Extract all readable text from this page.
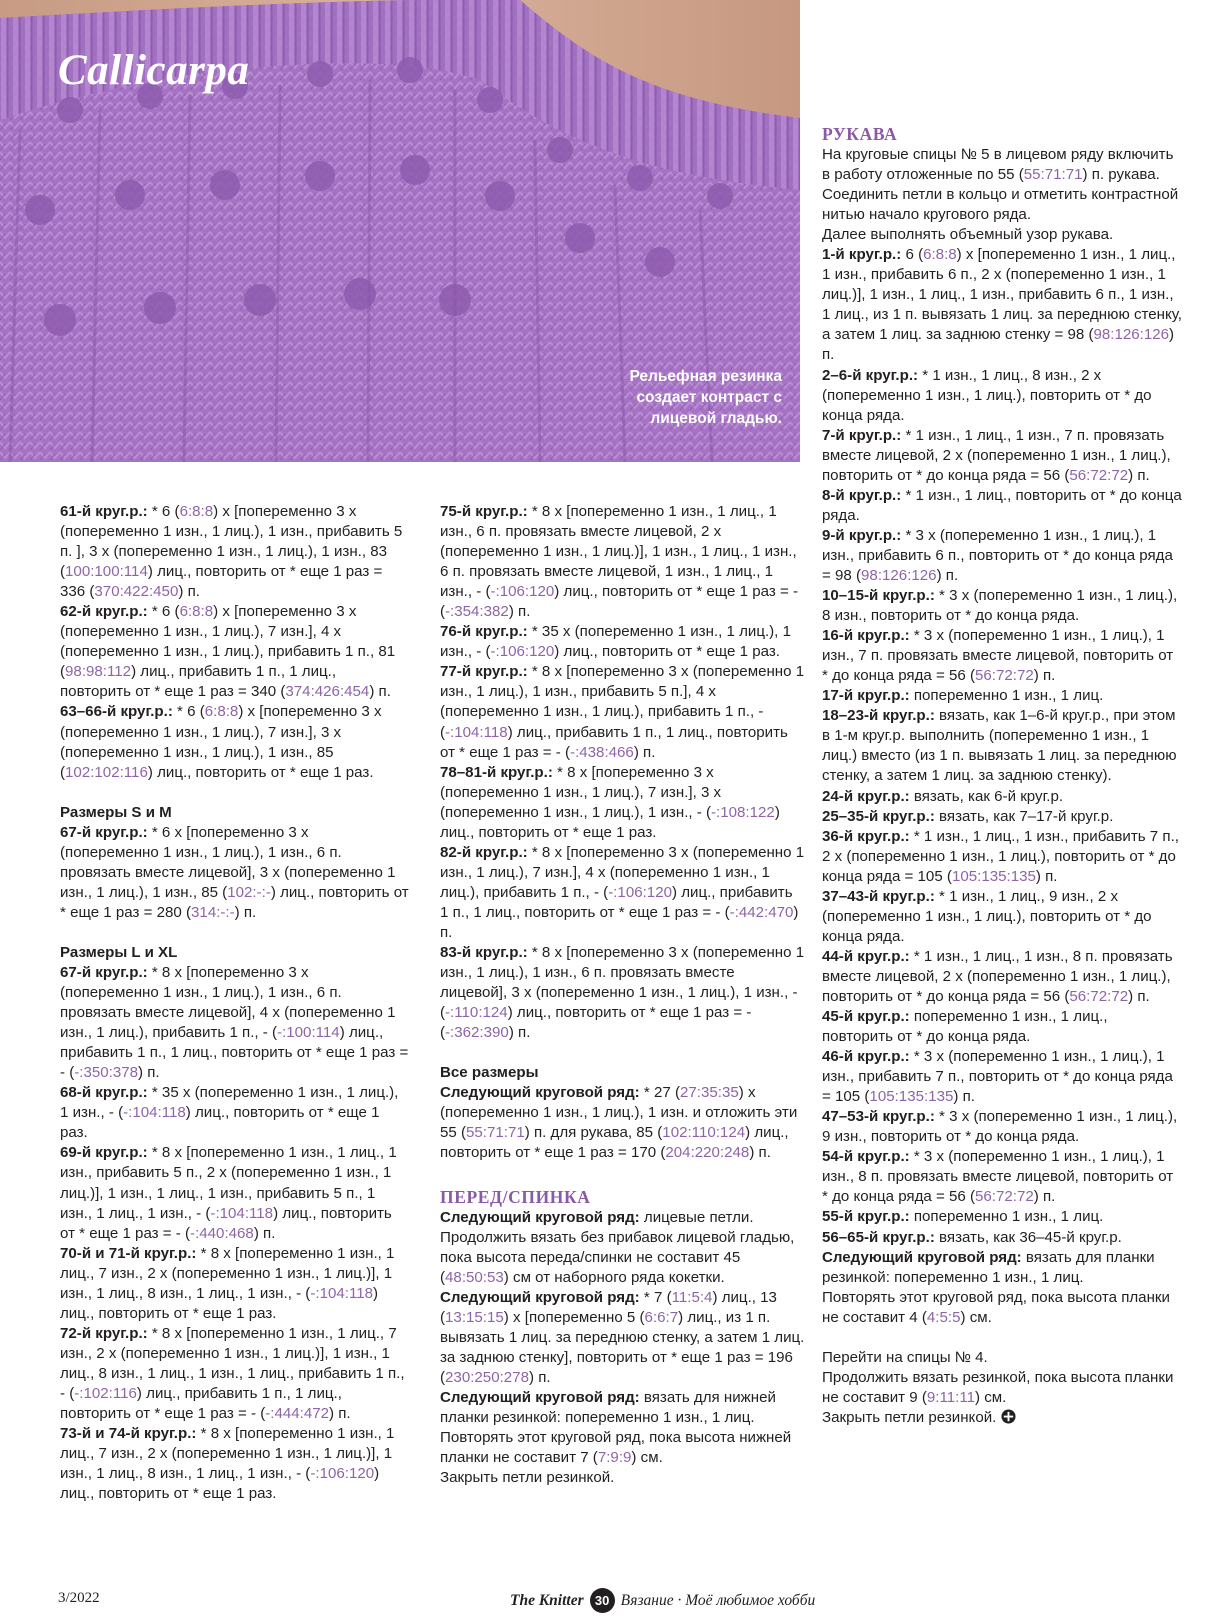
Callicarpa

Рельефная резинка создает контраст с лицевой гладью.

61-й круг.р.: * 6 (6:8:8) х [попеременно 3 х (попеременно 1 изн., 1 лиц.), 1 изн., прибавить 5 п. ], 3 х (попеременно 1 изн., 1 лиц.), 1 изн., 83 (100:100:114) лиц., повторить от * еще 1 раз = 336 (370:422:450) п.

62-й круг.р.: * 6 (6:8:8) х [попеременно 3 х (попеременно 1 изн., 1 лиц.), 7 изн.], 4 х (попеременно 1 изн., 1 лиц.), прибавить 1 п., 81 (98:98:112) лиц., прибавить 1 п., 1 лиц., повторить от * еще 1 раз = 340 (374:426:454) п.

63–66-й круг.р.: * 6 (6:8:8) х [попеременно 3 х (попеременно 1 изн., 1 лиц.), 7 изн.], 3 х (попеременно 1 изн., 1 лиц.), 1 изн., 85 (102:102:116) лиц., повторить от * еще 1 раз.

Размеры S и M

67-й круг.р.: * 6 х [попеременно 3 х (попеременно 1 изн., 1 лиц.), 1 изн., 6 п. провязать вместе лицевой], 3 х (попеременно 1 изн., 1 лиц.), 1 изн., 85 (102:-:-) лиц., повторить от * еще 1 раз = 280 (314:-:-) п.

Размеры L и XL

67-й круг.р.: * 8 х [попеременно 3 х (попеременно 1 изн., 1 лиц.), 1 изн., 6 п. провязать вместе лицевой], 4 х (попеременно 1 изн., 1 лиц.), прибавить 1 п., - (-:100:114) лиц., прибавить 1 п., 1 лиц., повторить от * еще 1 раз = - (-:350:378) п.

68-й круг.р.: * 35 х (попеременно 1 изн., 1 лиц.), 1 изн., - (-:104:118) лиц., повторить от * еще 1 раз.

69-й круг.р.: * 8 х [попеременно 1 изн., 1 лиц., 1 изн., прибавить 5 п., 2 х (попеременно 1 изн., 1 лиц.)], 1 изн., 1 лиц., 1 изн., прибавить 5 п., 1 изн., 1 лиц., 1 изн., - (-:104:118) лиц., повторить от * еще 1 раз = - (-:440:468) п.

70-й и 71-й круг.р.: * 8 х [попеременно 1 изн., 1 лиц., 7 изн., 2 х (попеременно 1 изн., 1 лиц.)], 1 изн., 1 лиц., 8 изн., 1 лиц., 1 изн., - (-:104:118) лиц., повторить от * еще 1 раз.

72-й круг.р.: * 8 х [попеременно 1 изн., 1 лиц., 7 изн., 2 х (попеременно 1 изн., 1 лиц.)], 1 изн., 1 лиц., 8 изн., 1 лиц., 1 изн., 1 лиц., прибавить 1 п., - (-:102:116) лиц., прибавить 1 п., 1 лиц., повторить от * еще 1 раз = - (-:444:472) п.

73-й и 74-й круг.р.: * 8 х [попеременно 1 изн., 1 лиц., 7 изн., 2 х (попеременно 1 изн., 1 лиц.)], 1 изн., 1 лиц., 8 изн., 1 лиц., 1 изн., - (-:106:120) лиц., повторить от * еще 1 раз.

75-й круг.р.: * 8 х [попеременно 1 изн., 1 лиц., 1 изн., 6 п. провязать вместе лицевой, 2 х (попеременно 1 изн., 1 лиц.)], 1 изн., 1 лиц., 1 изн., 6 п. провязать вместе лицевой, 1 изн., 1 лиц., 1 изн., - (-:106:120) лиц., повторить от * еще 1 раз = - (-:354:382) п.

76-й круг.р.: * 35 х (попеременно 1 изн., 1 лиц.), 1 изн., - (-:106:120) лиц., повторить от * еще 1 раз.

77-й круг.р.: * 8 х [попеременно 3 х (попеременно 1 изн., 1 лиц.), 1 изн., прибавить 5 п.], 4 х (попеременно 1 изн., 1 лиц.), прибавить 1 п., - (-:104:118) лиц., прибавить 1 п., 1 лиц., повторить от * еще 1 раз = - (-:438:466) п.

78–81-й круг.р.: * 8 х [попеременно 3 х (попеременно 1 изн., 1 лиц.), 7 изн.], 3 х (попеременно 1 изн., 1 лиц.), 1 изн., - (-:108:122) лиц., повторить от * еще 1 раз.

82-й круг.р.: * 8 х [попеременно 3 х (попеременно 1 изн., 1 лиц.), 7 изн.], 4 х (попеременно 1 изн., 1 лиц.), прибавить 1 п., - (-:106:120) лиц., прибавить 1 п., 1 лиц., повторить от * еще 1 раз = - (-:442:470) п.

83-й круг.р.: * 8 х [попеременно 3 х (попеременно 1 изн., 1 лиц.), 1 изн., 6 п. провязать вместе лицевой], 3 х (попеременно 1 изн., 1 лиц.), 1 изн., - (-:110:124) лиц., повторить от * еще 1 раз = - (-:362:390) п.

Все размеры

Следующий круговой ряд: * 27 (27:35:35) х (попеременно 1 изн., 1 лиц.), 1 изн. и отложить эти 55 (55:71:71) п. для рукава, 85 (102:110:124) лиц., повторить от * еще 1 раз = 170 (204:220:248) п.

ПЕРЕД/СПИНКА

Следующий круговой ряд: лицевые петли. Продолжить вязать без прибавок лицевой гладью, пока высота переда/спинки не составит 45 (48:50:53) см от наборного ряда кокетки.

Следующий круговой ряд: * 7 (11:5:4) лиц., 13 (13:15:15) х [попеременно 5 (6:6:7) лиц., из 1 п. вывязать 1 лиц. за переднюю стенку, а затем 1 лиц. за заднюю стенку], повторить от * еще 1 раз = 196 (230:250:278) п.

Следующий круговой ряд: вязать для нижней планки резинкой: попеременно 1 изн., 1 лиц.

Повторять этот круговой ряд, пока высота нижней планки не составит 7 (7:9:9) см.

Закрыть петли резинкой.

РУКАВА

На круговые спицы № 5 в лицевом ряду включить в работу отложенные по 55 (55:71:71) п. рукава.

Соединить петли в кольцо и отметить контрастной нитью начало кругового ряда.

Далее выполнять объемный узор рукава.

1-й круг.р.: 6 (6:8:8) х [попеременно 1 изн., 1 лиц., 1 изн., прибавить 6 п., 2 х (попеременно 1 изн., 1 лиц.)], 1 изн., 1 лиц., 1 изн., прибавить 6 п., 1 изн., 1 лиц., из 1 п. вывязать 1 лиц. за переднюю стенку, а затем 1 лиц. за заднюю стенку = 98 (98:126:126) п.

2–6-й круг.р.: * 1 изн., 1 лиц., 8 изн., 2 х (попеременно 1 изн., 1 лиц.), повторить от * до конца ряда.

7-й круг.р.: * 1 изн., 1 лиц., 1 изн., 7 п. провязать вместе лицевой, 2 х (попеременно 1 изн., 1 лиц.), повторить от * до конца ряда = 56 (56:72:72) п.

8-й круг.р.: * 1 изн., 1 лиц., повторить от * до конца ряда.

9-й круг.р.: * 3 х (попеременно 1 изн., 1 лиц.), 1 изн., прибавить 6 п., повторить от * до конца ряда = 98 (98:126:126) п.

10–15-й круг.р.: * 3 х (попеременно 1 изн., 1 лиц.), 8 изн., повторить от * до конца ряда.

16-й круг.р.: * 3 х (попеременно 1 изн., 1 лиц.), 1 изн., 7 п. провязать вместе лицевой, повторить от * до конца ряда = 56 (56:72:72) п.

17-й круг.р.: попеременно 1 изн., 1 лиц.

18–23-й круг.р.: вязать, как 1–6-й круг.р., при этом в 1-м круг.р. выполнить (попеременно 1 изн., 1 лиц.) вместо (из 1 п. вывязать 1 лиц. за переднюю стенку, а затем 1 лиц. за заднюю стенку).

24-й круг.р.: вязать, как 6-й круг.р.

25–35-й круг.р.: вязать, как 7–17-й круг.р.

36-й круг.р.: * 1 изн., 1 лиц., 1 изн., прибавить 7 п., 2 х (попеременно 1 изн., 1 лиц.), повторить от * до конца ряда = 105 (105:135:135) п.

37–43-й круг.р.: * 1 изн., 1 лиц., 9 изн., 2 х (попеременно 1 изн., 1 лиц.), повторить от * до конца ряда.

44-й круг.р.: * 1 изн., 1 лиц., 1 изн., 8 п. провязать вместе лицевой, 2 х (попеременно 1 изн., 1 лиц.), повторить от * до конца ряда = 56 (56:72:72) п.

45-й круг.р.: попеременно 1 изн., 1 лиц., повторить от * до конца ряда.

46-й круг.р.: * 3 х (попеременно 1 изн., 1 лиц.), 1 изн., прибавить 7 п., повторить от * до конца ряда = 105 (105:135:135) п.

47–53-й круг.р.: * 3 х (попеременно 1 изн., 1 лиц.), 9 изн., повторить от * до конца ряда.

54-й круг.р.: * 3 х (попеременно 1 изн., 1 лиц.), 1 изн., 8 п. провязать вместе лицевой, повторить от * до конца ряда = 56 (56:72:72) п.

55-й круг.р.: попеременно 1 изн., 1 лиц.

56–65-й круг.р.: вязать, как 36–45-й круг.р.

Следующий круговой ряд: вязать для планки резинкой: попеременно 1 изн., 1 лиц.

Повторять этот круговой ряд, пока высота планки не составит 4 (4:5:5) см.

Перейти на спицы № 4.

Продолжить вязать резинкой, пока высота планки не составит 9 (9:11:11) см.

Закрыть петли резинкой.

3/2022	The Knitter 30 Вязание · Моё любимое хобби
